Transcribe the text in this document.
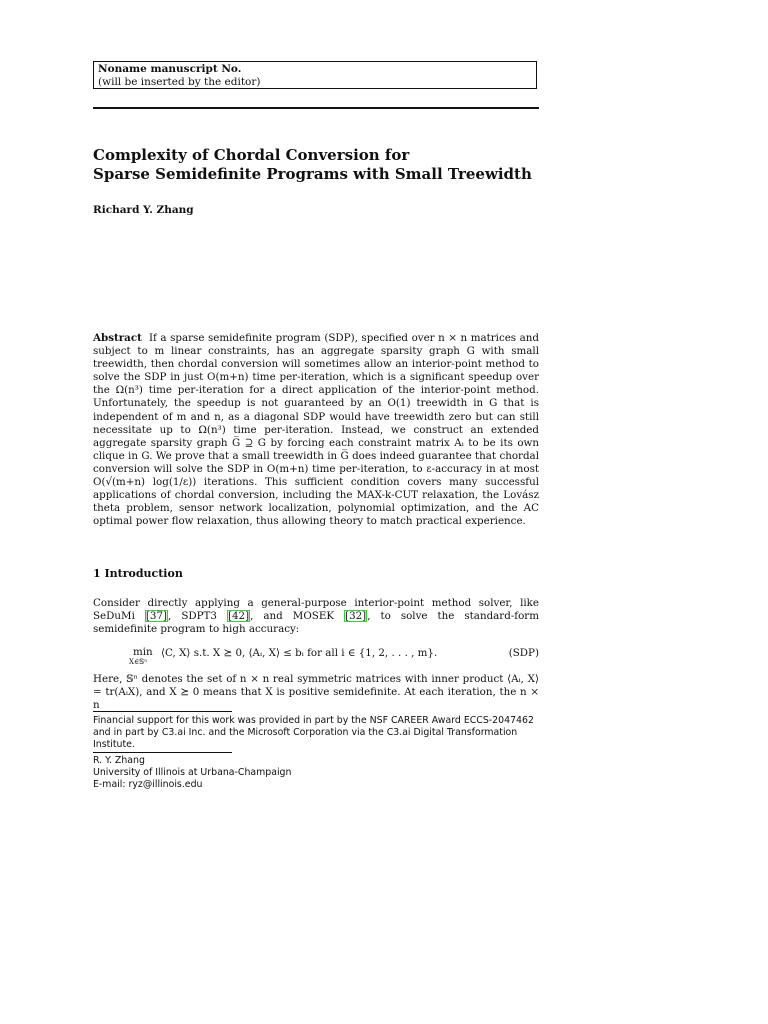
Noname manuscript No.
(will be inserted by the editor)
Complexity of Chordal Conversion for
Sparse Semidefinite Programs with Small Treewidth
Richard Y. Zhang
Abstract If a sparse semidefinite program (SDP), specified over n × n matrices and subject to m linear constraints, has an aggregate sparsity graph G with small treewidth, then chordal conversion will sometimes allow an interior-point method to solve the SDP in just O(m+n) time per-iteration, which is a significant speedup over the Ω(n³) time per-iteration for a direct application of the interior-point method. Unfortunately, the speedup is not guaranteed by an O(1) treewidth in G that is independent of m and n, as a diagonal SDP would have treewidth zero but can still necessitate up to Ω(n³) time per-iteration. Instead, we construct an extended aggregate sparsity graph G̅ ⊇ G by forcing each constraint matrix Aᵢ to be its own clique in G. We prove that a small treewidth in G̅ does indeed guarantee that chordal conversion will solve the SDP in O(m+n) time per-iteration, to ε-accuracy in at most O(√(m+n) log(1/ε)) iterations. This sufficient condition covers many successful applications of chordal conversion, including the MAX-k-CUT relaxation, the Lovász theta problem, sensor network localization, polynomial optimization, and the AC optimal power flow relaxation, thus allowing theory to match practical experience.
1 Introduction
Consider directly applying a general-purpose interior-point method solver, like SeDuMi [37], SDPT3 [42], and MOSEK [32], to solve the standard-form semidefinite program to high accuracy:
min
X∈𝕊ⁿ
⟨C, X⟩ s.t. X ⪰ 0, ⟨Aᵢ, X⟩ ≤ bᵢ for all i ∈ {1, 2, . . . , m}.	(SDP)
Here, 𝕊ⁿ denotes the set of n × n real symmetric matrices with inner product ⟨Aᵢ, X⟩ = tr(AᵢX), and X ⪰ 0 means that X is positive semidefinite. At each iteration, the n × n
Financial support for this work was provided in part by the NSF CAREER Award ECCS-2047462 and in part by C3.ai Inc. and the Microsoft Corporation via the C3.ai Digital Transformation Institute.
R. Y. Zhang
University of Illinois at Urbana-Champaign
E-mail: ryz@illinois.edu
